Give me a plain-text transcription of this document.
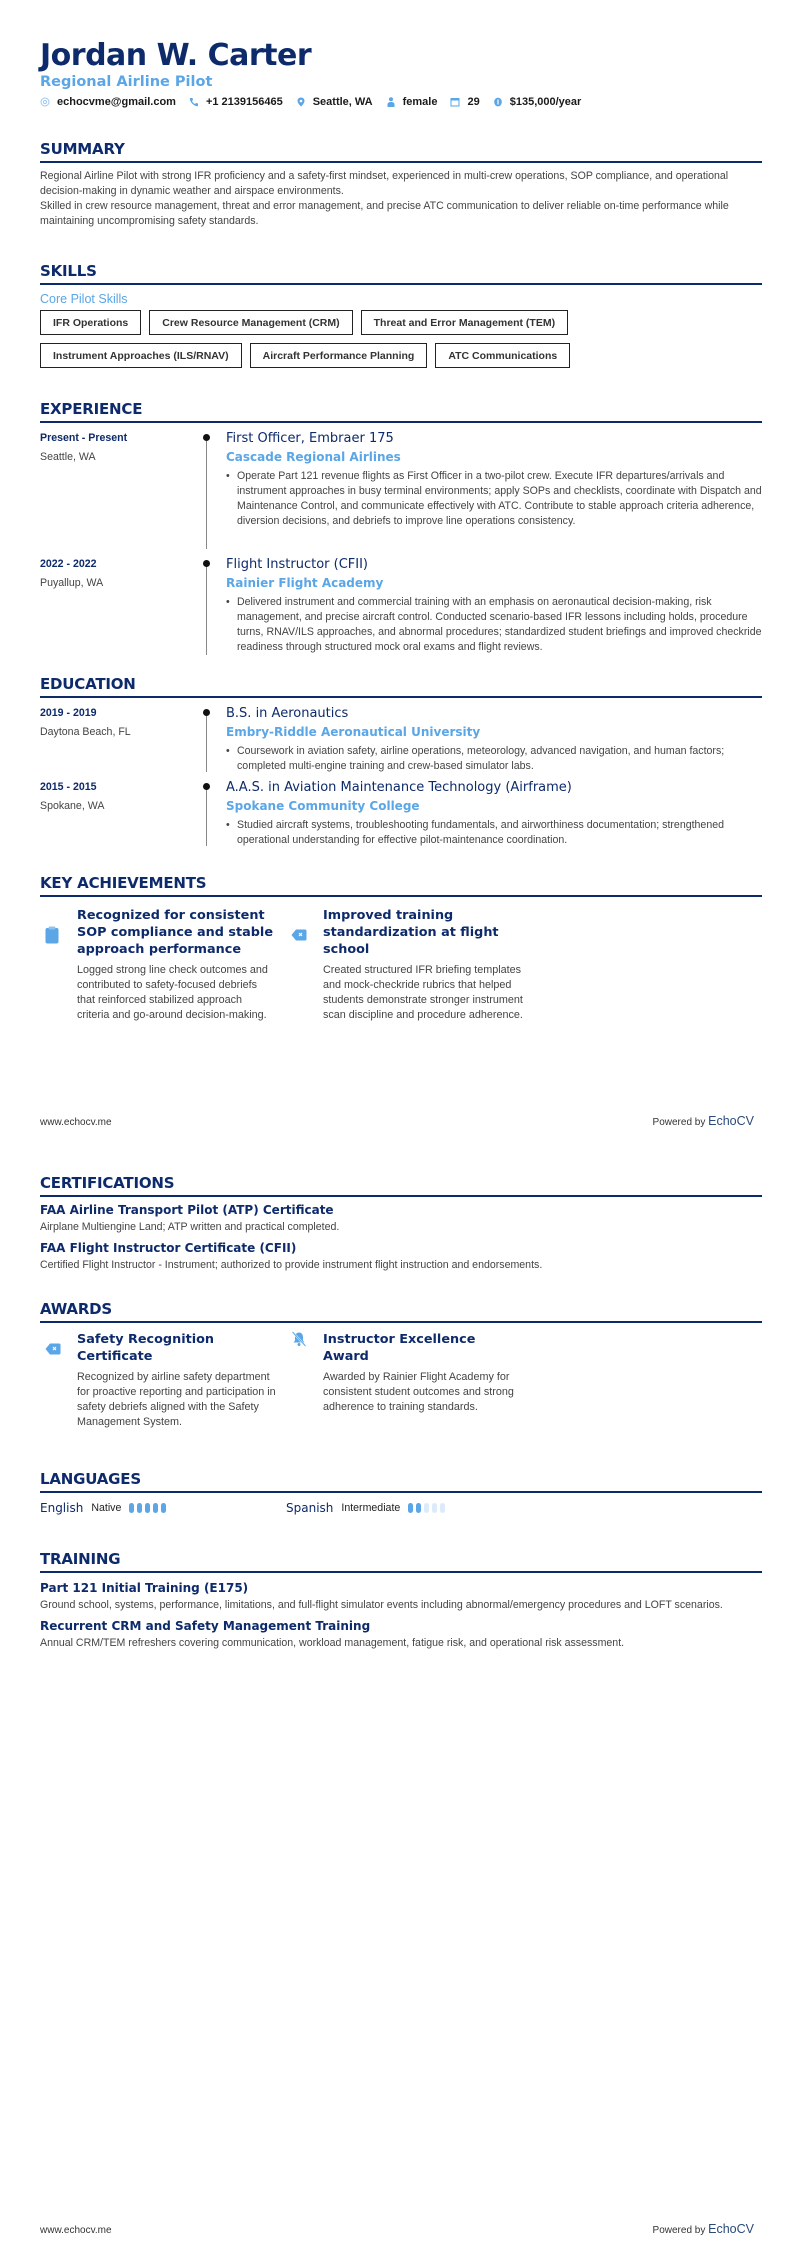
Jordan W. Carter
Regional Airline Pilot
echocvme@gmail.com	+1 2139156465	Seattle, WA	female	29	$135,000/year
SUMMARY

Regional Airline Pilot with strong IFR proficiency and a safety-first mindset, experienced in multi-crew operations, SOP compliance, and operational decision-making in dynamic weather and airspace environments.

Skilled in crew resource management, threat and error management, and precise ATC communication to deliver reliable on-time performance while maintaining uncompromising safety standards.

SKILLS
Core Pilot Skills
IFR Operations	Crew Resource Management (CRM)	Threat and Error Management (TEM)
Instrument Approaches (ILS/RNAV)	Aircraft Performance Planning	ATC Communications
EXPERIENCE
Present - Present
Seattle, WA
First Officer, Embraer 175
Cascade Regional Airlines
• Operate Part 121 revenue flights as First Officer in a two-pilot crew. Execute IFR departures/arrivals and instrument approaches in busy terminal environments; apply SOPs and checklists, coordinate with Dispatch and Maintenance Control, and communicate effectively with ATC. Contribute to stable approach criteria adherence, diversion decisions, and debriefs to improve line operations consistency.
2022 - 2022
Puyallup, WA
Flight Instructor (CFII)
Rainier Flight Academy
• Delivered instrument and commercial training with an emphasis on aeronautical decision-making, risk management, and precise aircraft control. Conducted scenario-based IFR lessons including holds, procedure turns, RNAV/ILS approaches, and abnormal procedures; standardized student briefings and improved checkride readiness through structured mock oral exams and flight reviews.
EDUCATION
2019 - 2019
Daytona Beach, FL
B.S. in Aeronautics
Embry-Riddle Aeronautical University
• Coursework in aviation safety, airline operations, meteorology, advanced navigation, and human factors; completed multi-engine training and crew-based simulator labs.
2015 - 2015
Spokane, WA
A.A.S. in Aviation Maintenance Technology (Airframe)
Spokane Community College
• Studied aircraft systems, troubleshooting fundamentals, and airworthiness documentation; strengthened operational understanding for effective pilot-maintenance coordination.
KEY ACHIEVEMENTS
Recognized for consistent SOP compliance and stable approach performance
Logged strong line check outcomes and contributed to safety-focused debriefs that reinforced stabilized approach criteria and go-around decision-making.
Improved training standardization at flight school
Created structured IFR briefing templates and mock-checkride rubrics that helped students demonstrate stronger instrument scan discipline and procedure adherence.
www.echocv.me	Powered by EchoCV
CERTIFICATIONS
FAA Airline Transport Pilot (ATP) Certificate
Airplane Multiengine Land; ATP written and practical completed.
FAA Flight Instructor Certificate (CFII)
Certified Flight Instructor - Instrument; authorized to provide instrument flight instruction and endorsements.
AWARDS
Safety Recognition Certificate
Recognized by airline safety department for proactive reporting and participation in safety debriefs aligned with the Safety Management System.
Instructor Excellence Award
Awarded by Rainier Flight Academy for consistent student outcomes and strong adherence to training standards.
LANGUAGES
English Native	Spanish Intermediate
TRAINING
Part 121 Initial Training (E175)
Ground school, systems, performance, limitations, and full-flight simulator events including abnormal/emergency procedures and LOFT scenarios.
Recurrent CRM and Safety Management Training
Annual CRM/TEM refreshers covering communication, workload management, fatigue risk, and operational risk assessment.
www.echocv.me	Powered by EchoCV
